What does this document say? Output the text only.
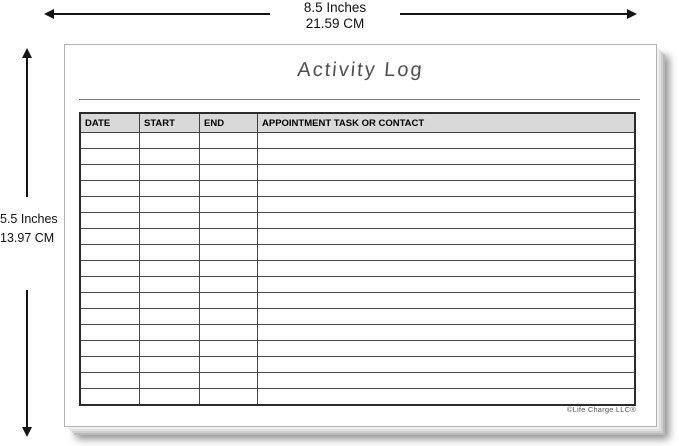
8.5 Inches
21.59 CM
5.5 Inches
13.97 CM
Activity Log
DATE	START	END	APPOINTMENT TASK OR CONTACT

©Life Charge LLC®
